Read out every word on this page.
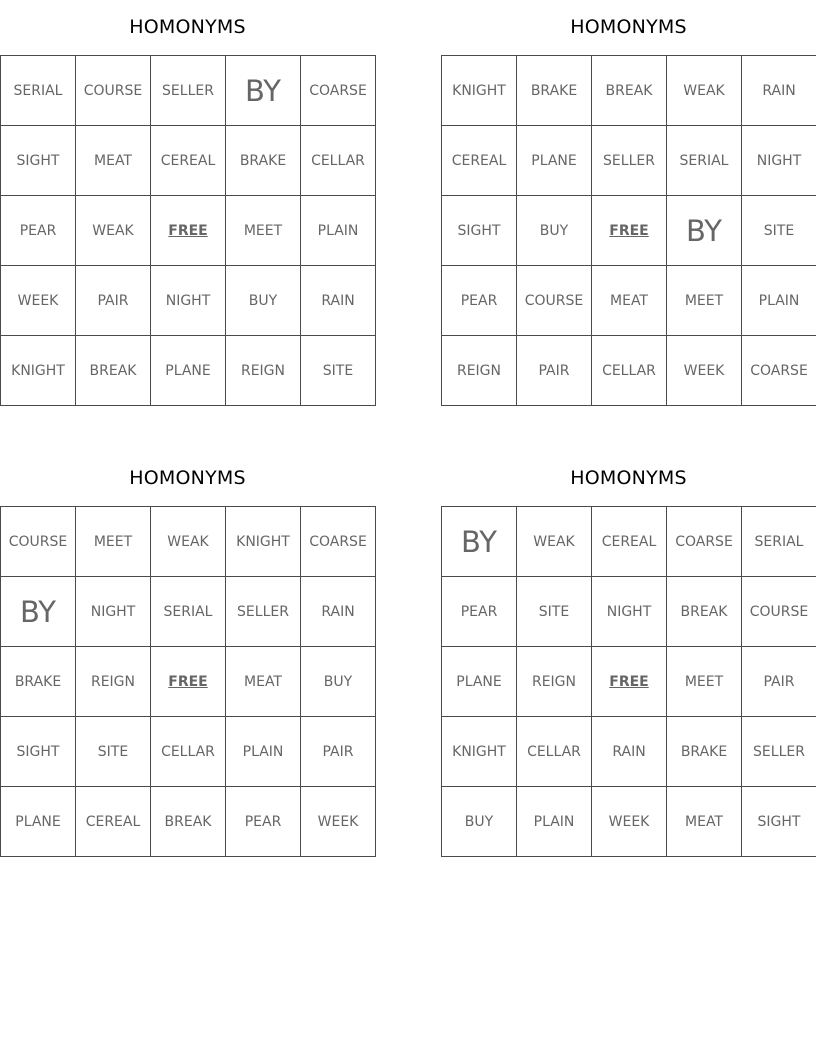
HOMONYMS
SERIAL	COURSE	SELLER	BY	COARSE
SIGHT	MEAT	CEREAL	BRAKE	CELLAR
PEAR	WEAK	FREE	MEET	PLAIN
WEEK	PAIR	NIGHT	BUY	RAIN
KNIGHT	BREAK	PLANE	REIGN	SITE
HOMONYMS
KNIGHT	BRAKE	BREAK	WEAK	RAIN
CEREAL	PLANE	SELLER	SERIAL	NIGHT
SIGHT	BUY	FREE	BY	SITE
PEAR	COURSE	MEAT	MEET	PLAIN
REIGN	PAIR	CELLAR	WEEK	COARSE
HOMONYMS
COURSE	MEET	WEAK	KNIGHT	COARSE
BY	NIGHT	SERIAL	SELLER	RAIN
BRAKE	REIGN	FREE	MEAT	BUY
SIGHT	SITE	CELLAR	PLAIN	PAIR
PLANE	CEREAL	BREAK	PEAR	WEEK
HOMONYMS
BY	WEAK	CEREAL	COARSE	SERIAL
PEAR	SITE	NIGHT	BREAK	COURSE
PLANE	REIGN	FREE	MEET	PAIR
KNIGHT	CELLAR	RAIN	BRAKE	SELLER
BUY	PLAIN	WEEK	MEAT	SIGHT
